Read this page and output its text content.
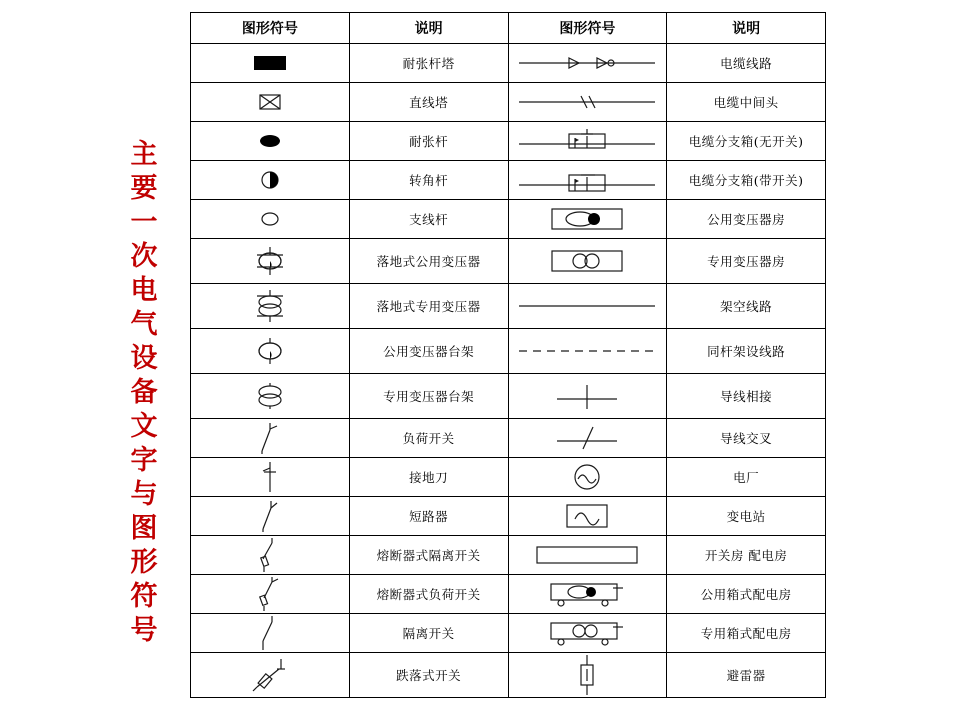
主
要
一
次
电
气
设
备
文
字
与
图
形
符
号
图形符号	说明	图形符号	说明

	耐张杆塔		电缆线路

	直线塔		电缆中间头

	耐张杆		电缆分支箱(无开关)

	转角杆		电缆分支箱(带开关)

	支线杆		公用变压器房

	落地式公用变压器		专用变压器房

	落地式专用变压器		架空线路

	公用变压器台架		同杆架设线路

	专用变压器台架		导线相接

	负荷开关		导线交叉

	接地刀		电厂

	短路器		变电站

	熔断器式隔离开关		开关房 配电房

	熔断器式负荷开关		公用箱式配电房

	隔离开关		专用箱式配电房

	跌落式开关		避雷器
